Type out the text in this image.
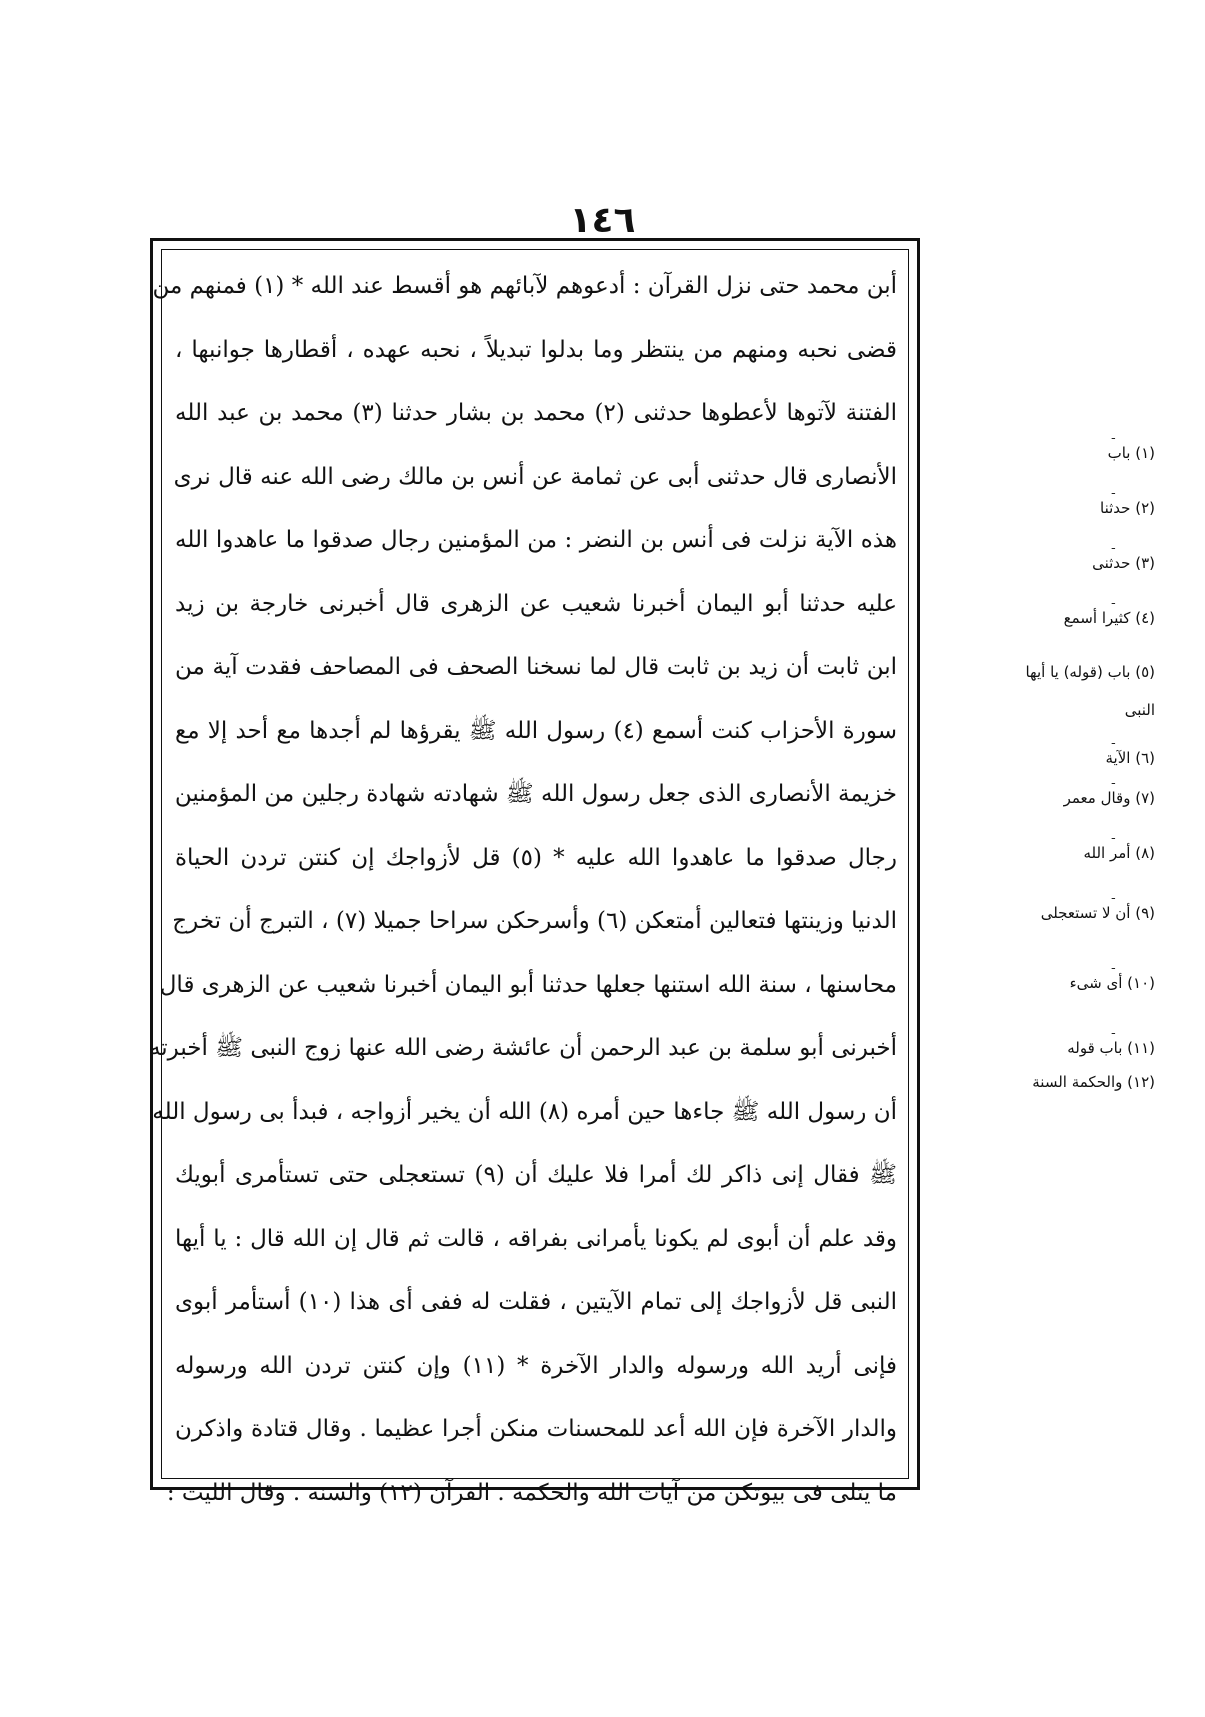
١٤٦
أبن محمد حتى نزل القرآن : أدعوهم لآبائهم هو أقسط عند الله * (١) فمنهم من
قضى نحبه ومنهم من ينتظر وما بدلوا تبديلاً ، نحبه عهده ، أقطارها جوانبها ،
الفتنة لآتوها لأعطوها حدثنى (٢) محمد بن بشار حدثنا (٣) محمد بن عبد الله
الأنصارى قال حدثنى أبى عن ثمامة عن أنس بن مالك رضى الله عنه قال نرى
هذه الآية نزلت فى أنس بن النضر : من المؤمنين رجال صدقوا ما عاهدوا الله
عليه حدثنا أبو اليمان أخبرنا شعيب عن الزهرى قال أخبرنى خارجة بن زيد
ابن ثابت أن زيد بن ثابت قال لما نسخنا الصحف فى المصاحف فقدت آية من
سورة الأحزاب كنت أسمع (٤) رسول الله ﷺ يقرؤها لم أجدها مع أحد إلا مع
خزيمة الأنصارى الذى جعل رسول الله ﷺ شهادته شهادة رجلين من المؤمنين
رجال صدقوا ما عاهدوا الله عليه * (٥) قل لأزواجك إن كنتن تردن الحياة
الدنيا وزينتها فتعالين أمتعكن (٦) وأسرحكن سراحا جميلا (٧) ، التبرج أن تخرج
محاسنها ، سنة الله استنها جعلها حدثنا أبو اليمان أخبرنا شعيب عن الزهرى قال
أخبرنى أبو سلمة بن عبد الرحمن أن عائشة رضى الله عنها زوج النبى ﷺ أخبرته
أن رسول الله ﷺ جاءها حين أمره (٨) الله أن يخير أزواجه ، فبدأ بى رسول الله
ﷺ فقال إنى ذاكر لك أمرا فلا عليك أن (٩) تستعجلى حتى تستأمرى أبويك
وقد علم أن أبوى لم يكونا يأمرانى بفراقه ، قالت ثم قال إن الله قال : يا أيها
النبى قل لأزواجك إلى تمام الآيتين ، فقلت له ففى أى هذا (١٠) أستأمر أبوى
فإنى أريد الله ورسوله والدار الآخرة * (١١) وإن كنتن تردن الله ورسوله
والدار الآخرة فإن الله أعد للمحسنات منكن أجرا عظيما . وقال قتادة واذكرن
ما يتلى فى بيوتكن من آيات الله والحكمة . القرآن (١٢) والسنة . وقال الليث :
ـ
(١) باب
ـ
(٢) حدثنا
ـ
(٣) حدثنى
ـ
(٤) كثيرا أسمع
(٥) باب (قوله) يا أيها
النبى
ـ
(٦) الآية
ـ
(٧) وقال معمر
ـ
(٨) أمر الله
ـ
(٩) أن لا تستعجلى
ـ
(١٠) أى شىء
ـ
(١١) باب قوله
(١٢) والحكمة السنة
